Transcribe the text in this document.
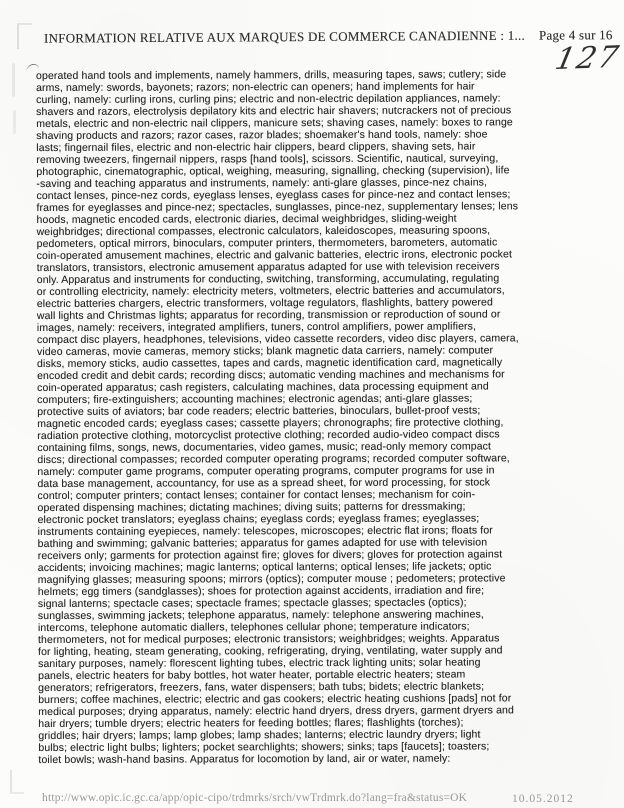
INFORMATION RELATIVE AUX MARQUES DE COMMERCE CANADIENNE : 1... Page 4 sur 16
127
operated hand tools and implements, namely hammers, drills, measuring tapes, saws; cutlery; side
arms, namely: swords, bayonets; razors; non-electric can openers; hand implements for hair
curling, namely: curling irons, curling pins; electric and non-electric depilation appliances, namely:
shavers and razors, electrolysis depilatory kits and electric hair shavers; nutcrackers not of precious
metals, electric and non-electric nail clippers, manicure sets; shaving cases, namely: boxes to range
shaving products and razors; razor cases, razor blades; shoemaker's hand tools, namely: shoe
lasts; fingernail files, electric and non-electric hair clippers, beard clippers, shaving sets, hair
removing tweezers, fingernail nippers, rasps [hand tools], scissors. Scientific, nautical, surveying,
photographic, cinematographic, optical, weighing, measuring, signalling, checking (supervision), life
-saving and teaching apparatus and instruments, namely: anti-glare glasses, pince-nez chains,
contact lenses, pince-nez cords, eyeglass lenses, eyeglass cases for pince-nez and contact lenses;
frames for eyeglasses and pince-nez; spectacles, sunglasses, pince-nez, supplementary lenses; lens
hoods, magnetic encoded cards, electronic diaries, decimal weighbridges, sliding-weight
weighbridges; directional compasses, electronic calculators, kaleidoscopes, measuring spoons,
pedometers, optical mirrors, binoculars, computer printers, thermometers, barometers, automatic
coin-operated amusement machines, electric and galvanic batteries, electric irons, electronic pocket
translators, transistors, electronic amusement apparatus adapted for use with television receivers
only. Apparatus and instruments for conducting, switching, transforming, accumulating, regulating
or controlling electricity, namely: electricity meters, voltmeters, electric batteries and accumulators,
electric batteries chargers, electric transformers, voltage regulators, flashlights, battery powered
wall lights and Christmas lights; apparatus for recording, transmission or reproduction of sound or
images, namely: receivers, integrated amplifiers, tuners, control amplifiers, power amplifiers,
compact disc players, headphones, televisions, video cassette recorders, video disc players, camera,
video cameras, movie cameras, memory sticks; blank magnetic data carriers, namely: computer
disks, memory sticks, audio cassettes, tapes and cards, magnetic identification card, magnetically
encoded credit and debit cards; recording discs; automatic vending machines and mechanisms for
coin-operated apparatus; cash registers, calculating machines, data processing equipment and
computers; fire-extinguishers; accounting machines; electronic agendas; anti-glare glasses;
protective suits of aviators; bar code readers; electric batteries, binoculars, bullet-proof vests;
magnetic encoded cards; eyeglass cases; cassette players; chronographs; fire protective clothing,
radiation protective clothing, motorcyclist protective clothing; recorded audio-video compact discs
containing films, songs, news, documentaries, video games, music; read-only memory compact
discs; directional compasses; recorded computer operating programs; recorded computer software,
namely: computer game programs, computer operating programs, computer programs for use in
data base management, accountancy, for use as a spread sheet, for word processing, for stock
control; computer printers; contact lenses; container for contact lenses; mechanism for coin-
operated dispensing machines; dictating machines; diving suits; patterns for dressmaking;
electronic pocket translators; eyeglass chains; eyeglass cords; eyeglass frames; eyeglasses;
instruments containing eyepieces, namely: telescopes, microscopes; electric flat irons; floats for
bathing and swimming; galvanic batteries; apparatus for games adapted for use with television
receivers only; garments for protection against fire; gloves for divers; gloves for protection against
accidents; invoicing machines; magic lanterns; optical lanterns; optical lenses; life jackets; optic
magnifying glasses; measuring spoons; mirrors (optics); computer mouse ; pedometers; protective
helmets; egg timers (sandglasses); shoes for protection against accidents, irradiation and fire;
signal lanterns; spectacle cases; spectacle frames; spectacle glasses; spectacles (optics);
sunglasses, swimming jackets; telephone apparatus, namely: telephone answering machines,
intercoms, telephone automatic diallers, telephones cellular phone; temperature indicators;
thermometers, not for medical purposes; electronic transistors; weighbridges; weights. Apparatus
for lighting, heating, steam generating, cooking, refrigerating, drying, ventilating, water supply and
sanitary purposes, namely: florescent lighting tubes, electric track lighting units; solar heating
panels, electric heaters for baby bottles, hot water heater, portable electric heaters; steam
generators; refrigerators, freezers, fans, water dispensers; bath tubs; bidets; electric blankets;
burners; coffee machines, electric; electric and gas cookers; electric heating cushions [pads] not for
medical purposes; drying apparatus, namely: electric hand dryers, dress dryers, garment dryers and
hair dryers; tumble dryers; electric heaters for feeding bottles; flares; flashlights (torches);
griddles; hair dryers; lamps; lamp globes; lamp shades; lanterns; electric laundry dryers; light
bulbs; electric light bulbs; lighters; pocket searchlights; showers; sinks; taps [faucets]; toasters;
toilet bowls; wash-hand basins. Apparatus for locomotion by land, air or water, namely:
http://www.opic.ic.gc.ca/app/opic-cipo/trdmrks/srch/vwTrdmrk.do?lang=fra&status=OK	10.05.2012
